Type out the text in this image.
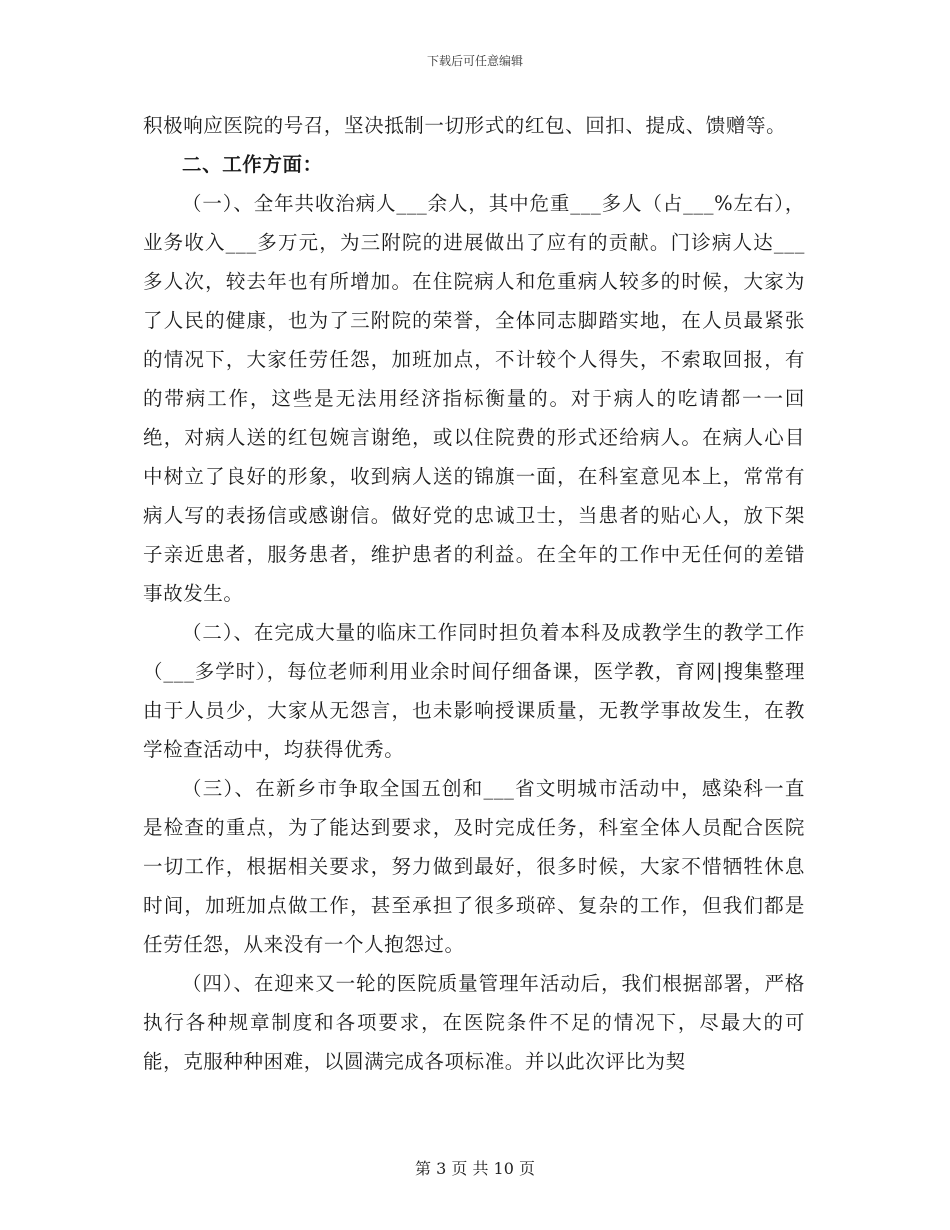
下载后可任意编辑

积极响应医院的号召，坚决抵制一切形式的红包、回扣、提成、馈赠等。

二、工作方面：

（一）、全年共收治病人___余人，其中危重___多人（占___%左右），业务收入___多万元，为三附院的进展做出了应有的贡献。门诊病人达___多人次，较去年也有所增加。在住院病人和危重病人较多的时候，大家为了人民的健康，也为了三附院的荣誉，全体同志脚踏实地，在人员最紧张的情况下，大家任劳任怨，加班加点，不计较个人得失，不索取回报，有的带病工作，这些是无法用经济指标衡量的。对于病人的吃请都一一回绝，对病人送的红包婉言谢绝，或以住院费的形式还给病人。在病人心目中树立了良好的形象，收到病人送的锦旗一面，在科室意见本上，常常有病人写的表扬信或感谢信。做好党的忠诚卫士，当患者的贴心人，放下架子亲近患者，服务患者，维护患者的利益。在全年的工作中无任何的差错事故发生。

（二）、在完成大量的临床工作同时担负着本科及成教学生的教学工作（___多学时），每位老师利用业余时间仔细备课，医学教，育网|搜集整理由于人员少，大家从无怨言，也未影响授课质量，无教学事故发生，在教学检查活动中，均获得优秀。

（三）、在新乡市争取全国五创和___省文明城市活动中，感染科一直是检查的重点，为了能达到要求，及时完成任务，科室全体人员配合医院一切工作，根据相关要求，努力做到最好，很多时候，大家不惜牺牲休息时间，加班加点做工作，甚至承担了很多琐碎、复杂的工作，但我们都是任劳任怨，从来没有一个人抱怨过。

（四）、在迎来又一轮的医院质量管理年活动后，我们根据部署，严格执行各种规章制度和各项要求，在医院条件不足的情况下，尽最大的可能，克服种种困难，以圆满完成各项标准。并以此次评比为契

第 3 页 共 10 页
